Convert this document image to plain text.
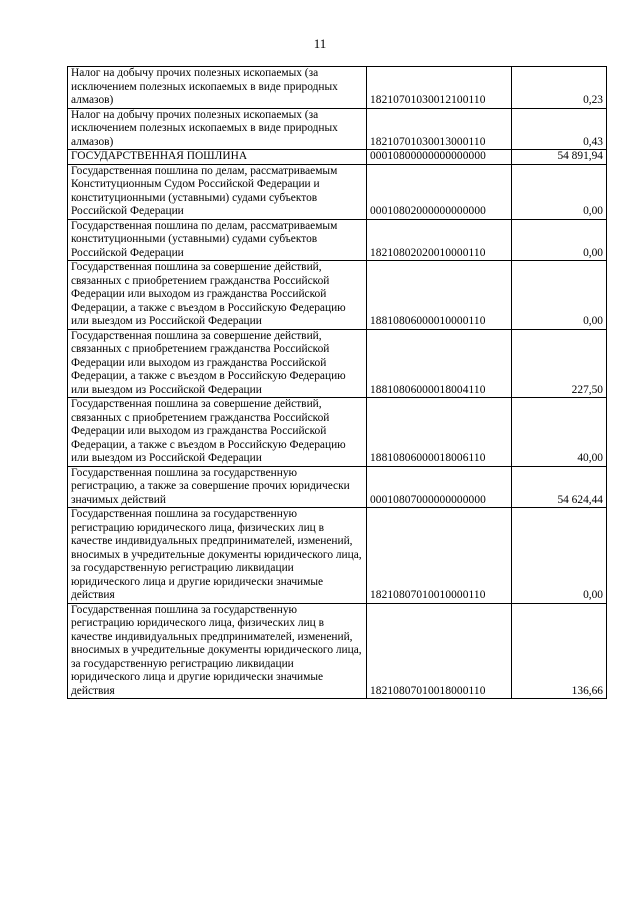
11
Налог на добычу прочих полезных ископаемых (за исключением полезных ископаемых в виде природных алмазов)	18210701030012100110	0,23
Налог на добычу прочих полезных ископаемых (за исключением полезных ископаемых в виде природных алмазов)	18210701030013000110	0,43
ГОСУДАРСТВЕННАЯ ПОШЛИНА	00010800000000000000	54 891,94
Государственная пошлина по делам, рассматриваемым Конституционным Судом Российской Федерации и конституционными (уставными) судами субъектов Российской Федерации	00010802000000000000	0,00
Государственная пошлина по делам, рассматриваемым конституционными (уставными) судами субъектов Российской Федерации	18210802020010000110	0,00
Государственная пошлина за совершение действий, связанных с приобретением гражданства Российской Федерации или выходом из гражданства Российской Федерации, а также с въездом в Российскую Федерацию или выездом из Российской Федерации	18810806000010000110	0,00
Государственная пошлина за совершение действий, связанных с приобретением гражданства Российской Федерации или выходом из гражданства Российской Федерации, а также с въездом в Российскую Федерацию или выездом из Российской Федерации	18810806000018004110	227,50
Государственная пошлина за совершение действий, связанных с приобретением гражданства Российской Федерации или выходом из гражданства Российской Федерации, а также с въездом в Российскую Федерацию или выездом из Российской Федерации	18810806000018006110	40,00
Государственная пошлина за государственную регистрацию, а также за совершение прочих юридически значимых действий	00010807000000000000	54 624,44
Государственная пошлина за государственную регистрацию юридического лица, физических лиц в качестве индивидуальных предпринимателей, изменений, вносимых в учредительные документы юридического лица, за государственную регистрацию ликвидации юридического лица и другие юридически значимые действия	18210807010010000110	0,00
Государственная пошлина за государственную регистрацию юридического лица, физических лиц в качестве индивидуальных предпринимателей, изменений, вносимых в учредительные документы юридического лица, за государственную регистрацию ликвидации юридического лица и другие юридически значимые действия	18210807010018000110	136,66
